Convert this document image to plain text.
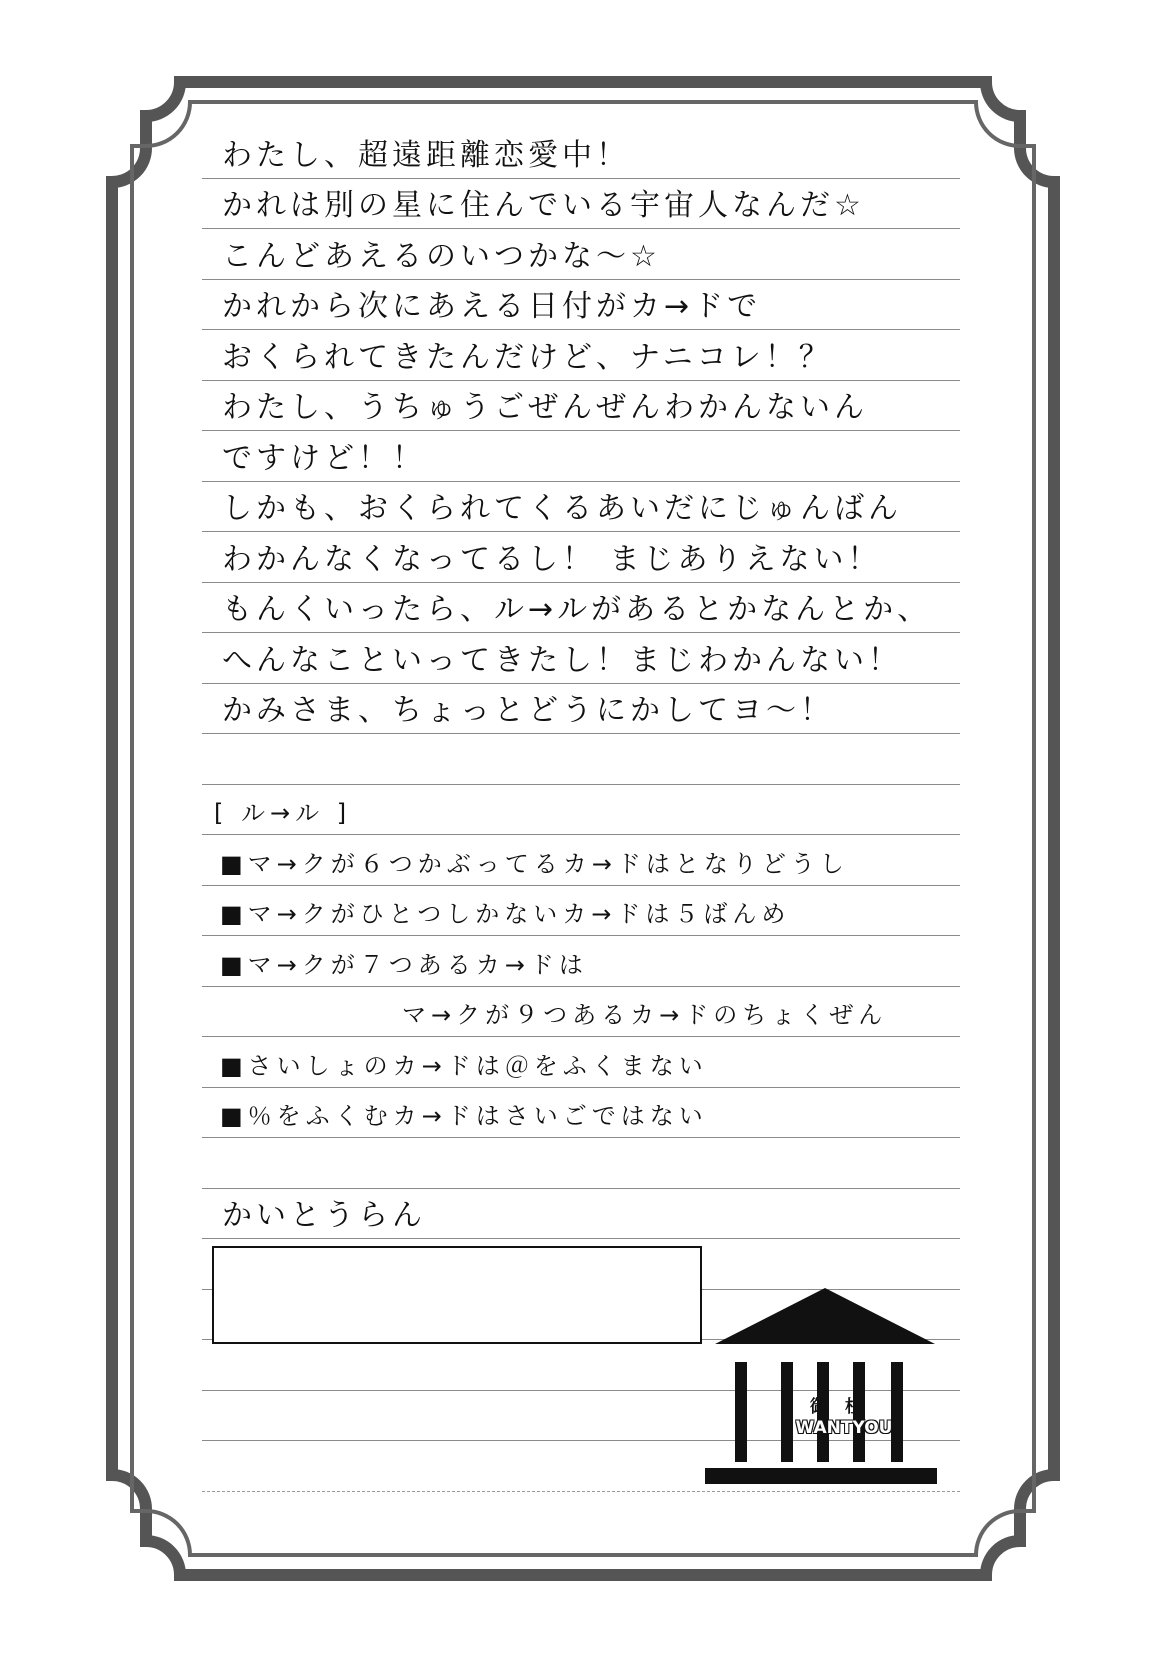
わたし、超遠距離恋愛中！
かれは別の星に住んでいる宇宙人なんだ☆
こんどあえるのいつかな～☆
かれから次にあえる日付がカ→ドで
おくられてきたんだけど、ナニコレ！？
わたし、うちゅうごぜんぜんわかんないん
ですけど！！
しかも、おくられてくるあいだにじゅんばん
わかんなくなってるし！ まじありえない！
もんくいったら、ル→ルがあるとかなんとか、
へんなこといってきたし！まじわかんない！
かみさま、ちょっとどうにかしてヨ～！
[ ル→ル ]
■マ→クが６つかぶってるカ→ドはとなりどうし
■マ→クがひとつしかないカ→ドは５ばんめ
■マ→クが７つあるカ→ドは
マ→クが９つあるカ→ドのちょくぜん
■さいしょのカ→ドは＠をふくまない
■％をふくむカ→ドはさいごではない
かいとうらん
御柱
WANTYOU
